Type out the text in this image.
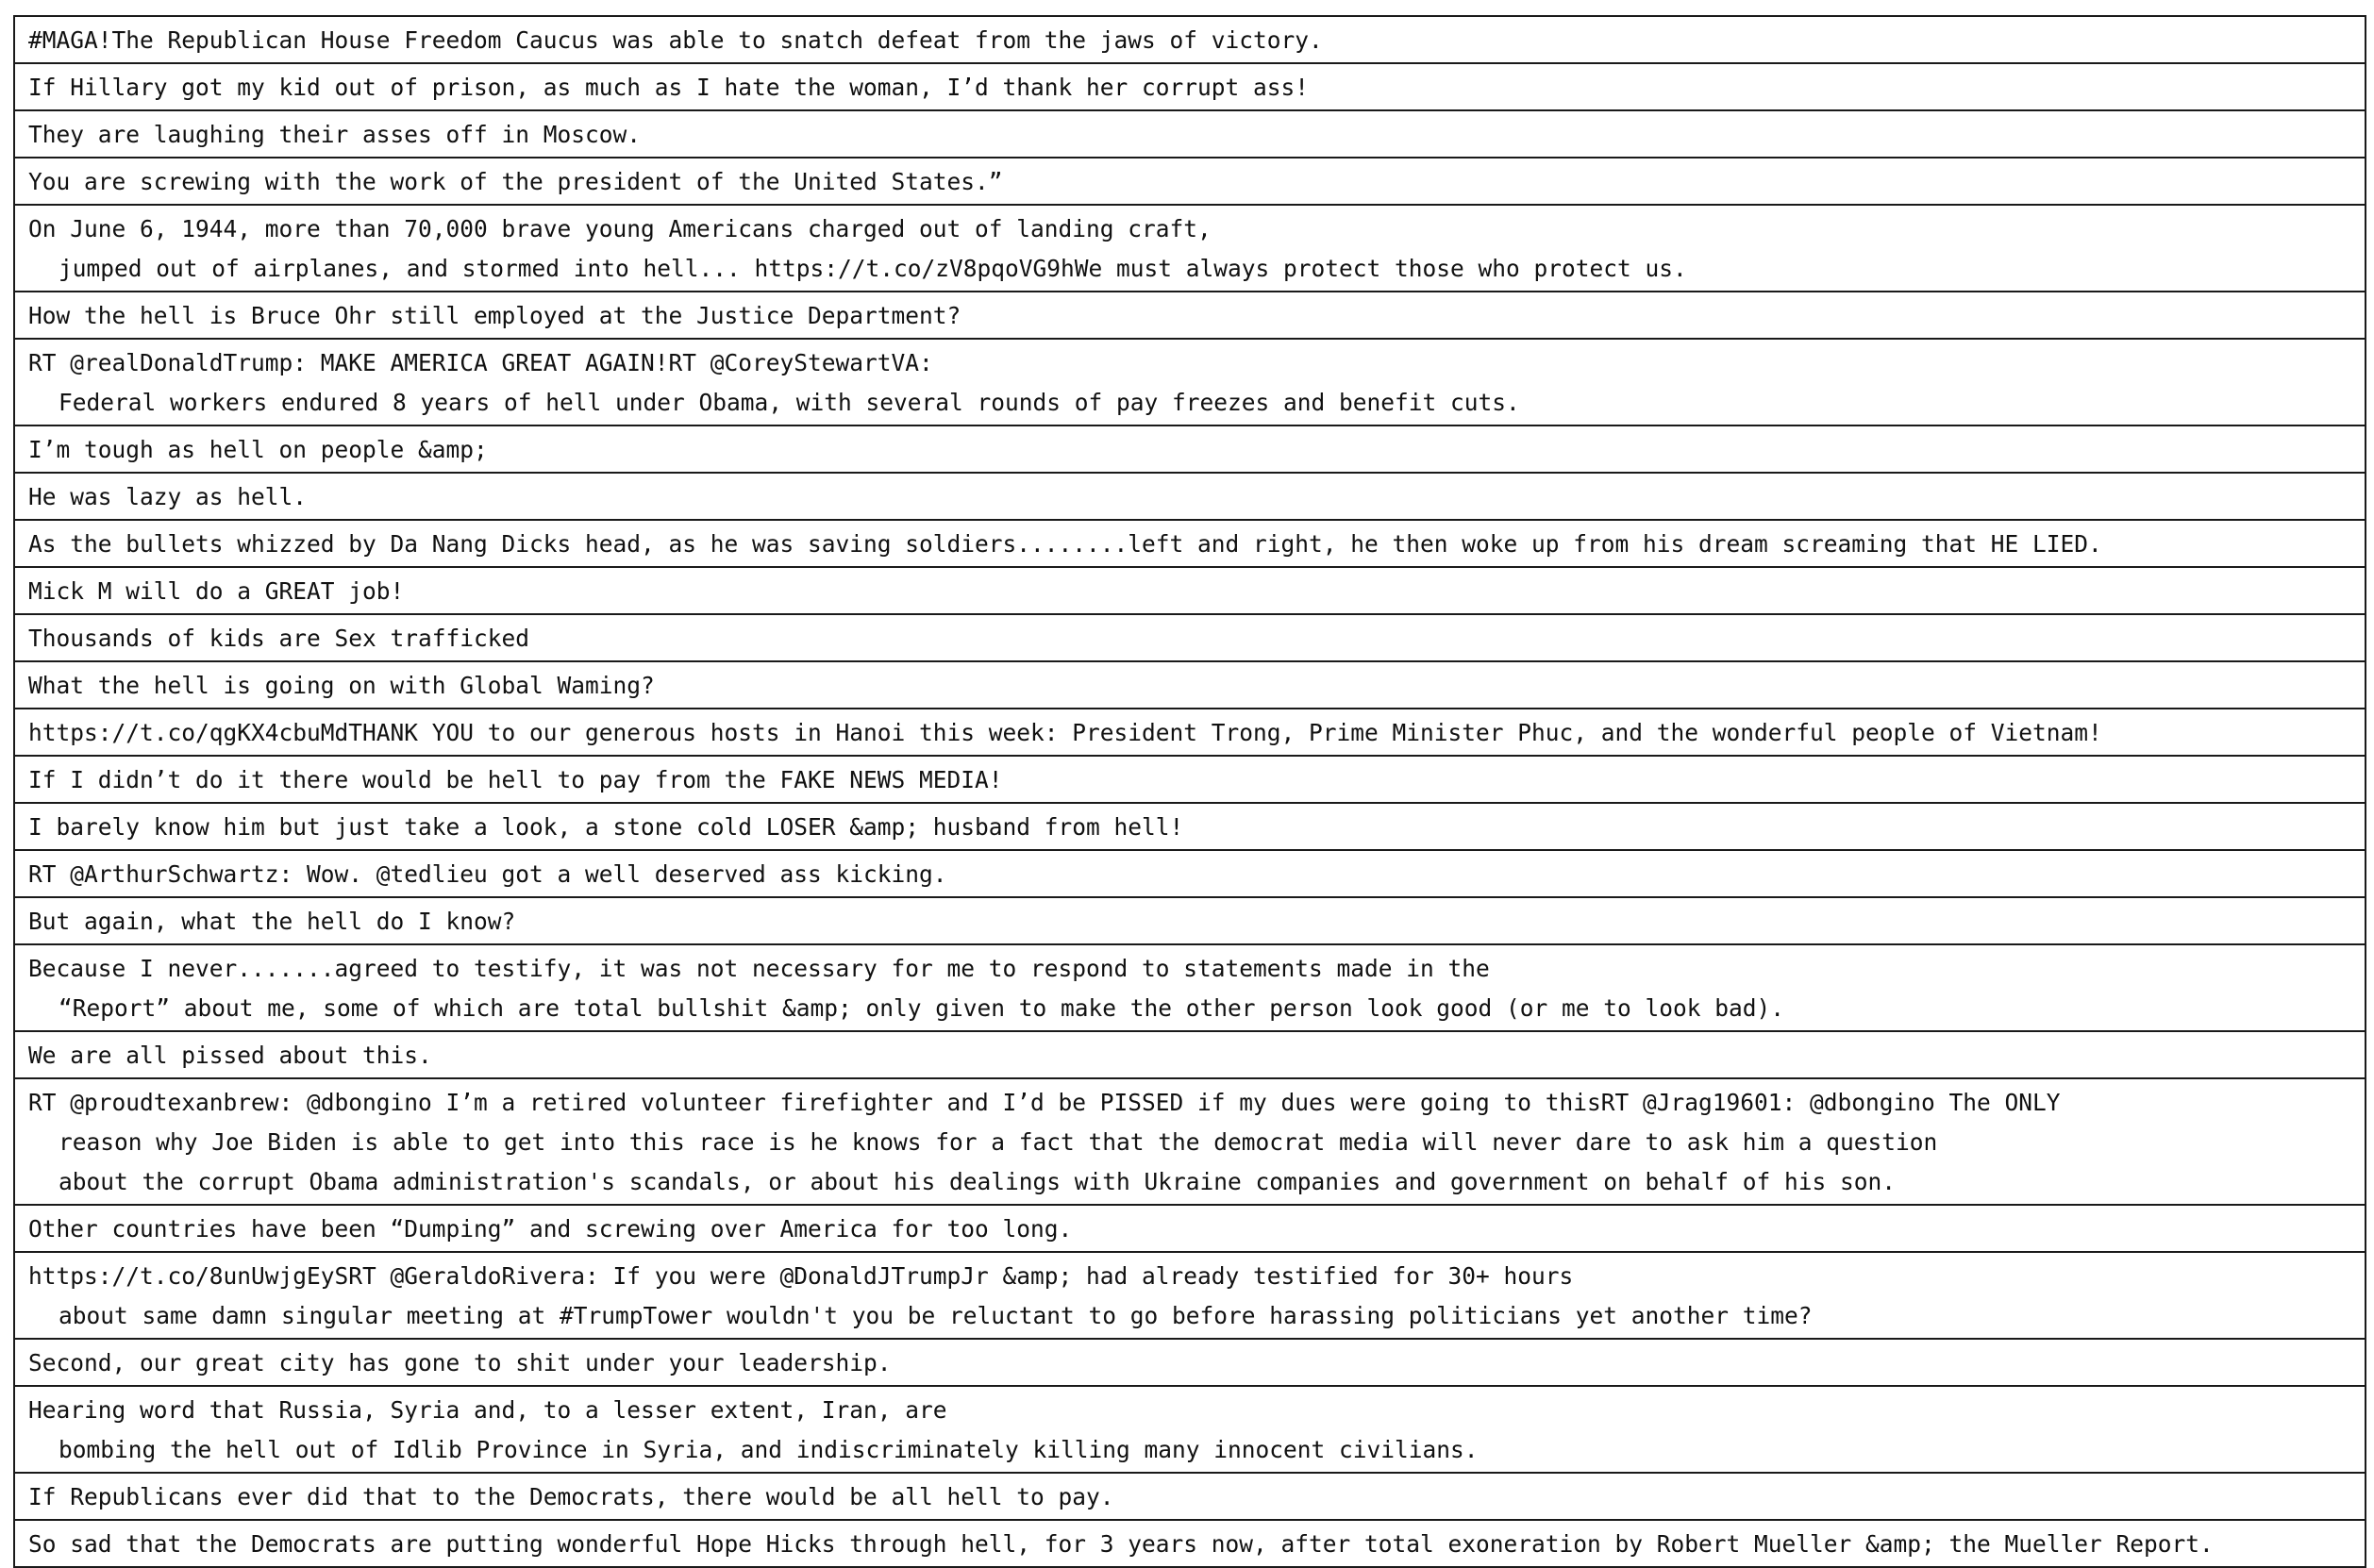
#MAGA!The Republican House Freedom Caucus was able to snatch defeat from the jaws of victory.
If Hillary got my kid out of prison, as much as I hate the woman, I’d thank her corrupt ass!
They are laughing their asses off in Moscow.
You are screwing with the work of the president of the United States.”
On June 6, 1944, more than 70,000 brave young Americans charged out of landing craft,
jumped out of airplanes, and stormed into hell... https://t.co/zV8pqoVG9hWe must always protect those who protect us.
How the hell is Bruce Ohr still employed at the Justice Department?
RT @realDonaldTrump: MAKE AMERICA GREAT AGAIN!RT @CoreyStewartVA:
Federal workers endured 8 years of hell under Obama, with several rounds of pay freezes and benefit cuts.
I’m tough as hell on people &amp;
He was lazy as hell.
As the bullets whizzed by Da Nang Dicks head, as he was saving soldiers........left and right, he then woke up from his dream screaming that HE LIED.
Mick M will do a GREAT job!
Thousands of kids are Sex trafficked
What the hell is going on with Global Waming?
https://t.co/qgKX4cbuMdTHANK YOU to our generous hosts in Hanoi this week: President Trong, Prime Minister Phuc, and the wonderful people of Vietnam!
If I didn’t do it there would be hell to pay from the FAKE NEWS MEDIA!
I barely know him but just take a look, a stone cold LOSER &amp; husband from hell!
RT @ArthurSchwartz: Wow. @tedlieu got a well deserved ass kicking.
But again, what the hell do I know?
Because I never.......agreed to testify, it was not necessary for me to respond to statements made in the
“Report” about me, some of which are total bullshit &amp; only given to make the other person look good (or me to look bad).
We are all pissed about this.
RT @proudtexanbrew: @dbongino I’m a retired volunteer firefighter and I’d be PISSED if my dues were going to thisRT @Jrag19601: @dbongino The ONLY
reason why Joe Biden is able to get into this race is he knows for a fact that the democrat media will never dare to ask him a question
about the corrupt Obama administration's scandals, or about his dealings with Ukraine companies and government on behalf of his son.
Other countries have been “Dumping” and screwing over America for too long.
https://t.co/8unUwjgEySRT @GeraldoRivera: If you were @DonaldJTrumpJr &amp; had already testified for 30+ hours
about same damn singular meeting at #TrumpTower wouldn't you be reluctant to go before harassing politicians yet another time?
Second, our great city has gone to shit under your leadership.
Hearing word that Russia, Syria and, to a lesser extent, Iran, are
bombing the hell out of Idlib Province in Syria, and indiscriminately killing many innocent civilians.
If Republicans ever did that to the Democrats, there would be all hell to pay.
So sad that the Democrats are putting wonderful Hope Hicks through hell, for 3 years now, after total exoneration by Robert Mueller &amp; the Mueller Report.
